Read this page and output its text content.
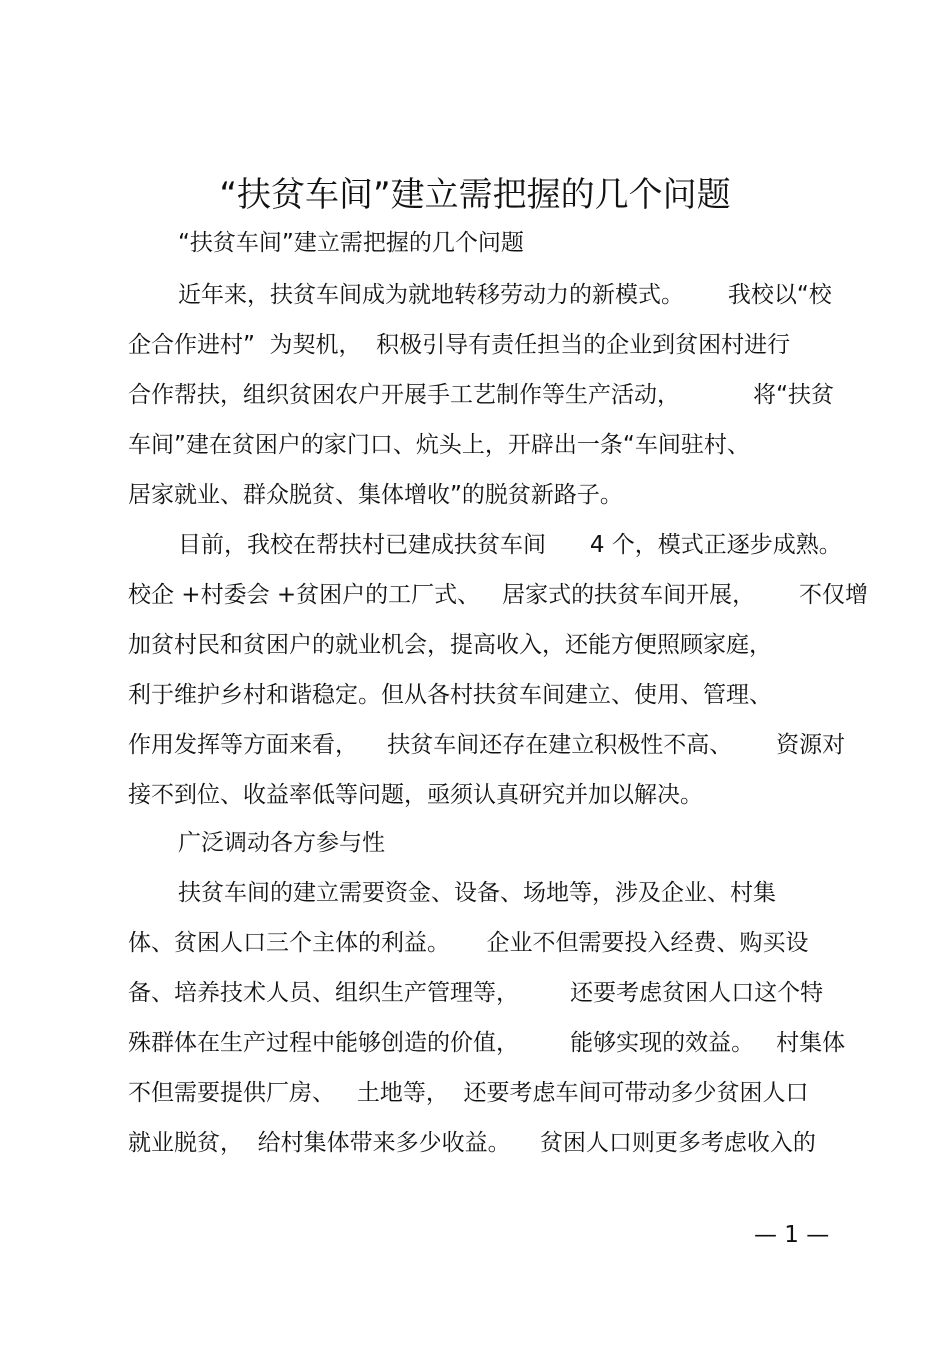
“扶贫车间”建立需把握的几个问题

“扶贫车间”建立需把握的几个问题

近年来，扶贫车间成为就地转移劳动力的新模式。      我校以“校

企合作进村”  为契机，  积极引导有责任担当的企业到贫困村进行

合作帮扶，组织贫困农户开展手工艺制作等生产活动，          将“扶贫

车间”建在贫困户的家门口、炕头上，开辟出一条“车间驻村、

居家就业、群众脱贫、集体增收”的脱贫新路子。

目前，我校在帮扶村已建成扶贫车间      4 个，模式正逐步成熟。

校企 +村委会 +贫困户的工厂式、   居家式的扶贫车间开展，      不仅增

加贫村民和贫困户的就业机会，提高收入，还能方便照顾家庭，

利于维护乡村和谐稳定。但从各村扶贫车间建立、使用、管理、

作用发挥等方面来看，    扶贫车间还存在建立积极性不高、      资源对

接不到位、收益率低等问题，亟须认真研究并加以解决。

广泛调动各方参与性

扶贫车间的建立需要资金、设备、场地等，涉及企业、村集

体、贫困人口三个主体的利益。     企业不但需要投入经费、购买设

备、培养技术人员、组织生产管理等，       还要考虑贫困人口这个特

殊群体在生产过程中能够创造的价值，       能够实现的效益。   村集体

不但需要提供厂房、   土地等，  还要考虑车间可带动多少贫困人口

就业脱贫，  给村集体带来多少收益。    贫困人口则更多考虑收入的

— 1 —
